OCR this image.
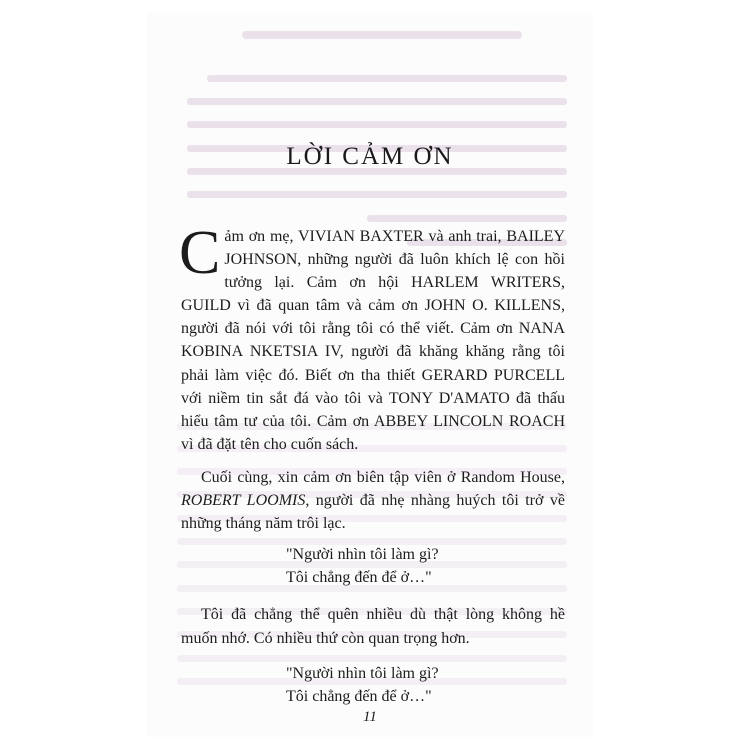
LỜI CẢM ƠN

Cảm ơn mẹ, VIVIAN BAXTER và anh trai, BAILEY JOHNSON, những người đã luôn khích lệ con hồi tưởng lại. Cảm ơn hội HARLEM WRITERS, GUILD vì đã quan tâm và cảm ơn JOHN O. KILLENS, người đã nói với tôi rằng tôi có thể viết. Cảm ơn NANA KOBINA NKETSIA IV, người đã khăng khăng rằng tôi phải làm việc đó. Biết ơn tha thiết GERARD PURCELL với niềm tin sắt đá vào tôi và TONY D'AMATO đã thấu hiểu tâm tư của tôi. Cảm ơn ABBEY LINCOLN ROACH vì đã đặt tên cho cuốn sách.

Cuối cùng, xin cảm ơn biên tập viên ở Random House, ROBERT LOOMIS, người đã nhẹ nhàng huých tôi trở về những tháng năm trôi lạc.

"Người nhìn tôi làm gì?
Tôi chẳng đến để ở…"

Tôi đã chẳng thể quên nhiều dù thật lòng không hề muốn nhớ. Có nhiều thứ còn quan trọng hơn.

"Người nhìn tôi làm gì?
Tôi chẳng đến để ở…"

11
